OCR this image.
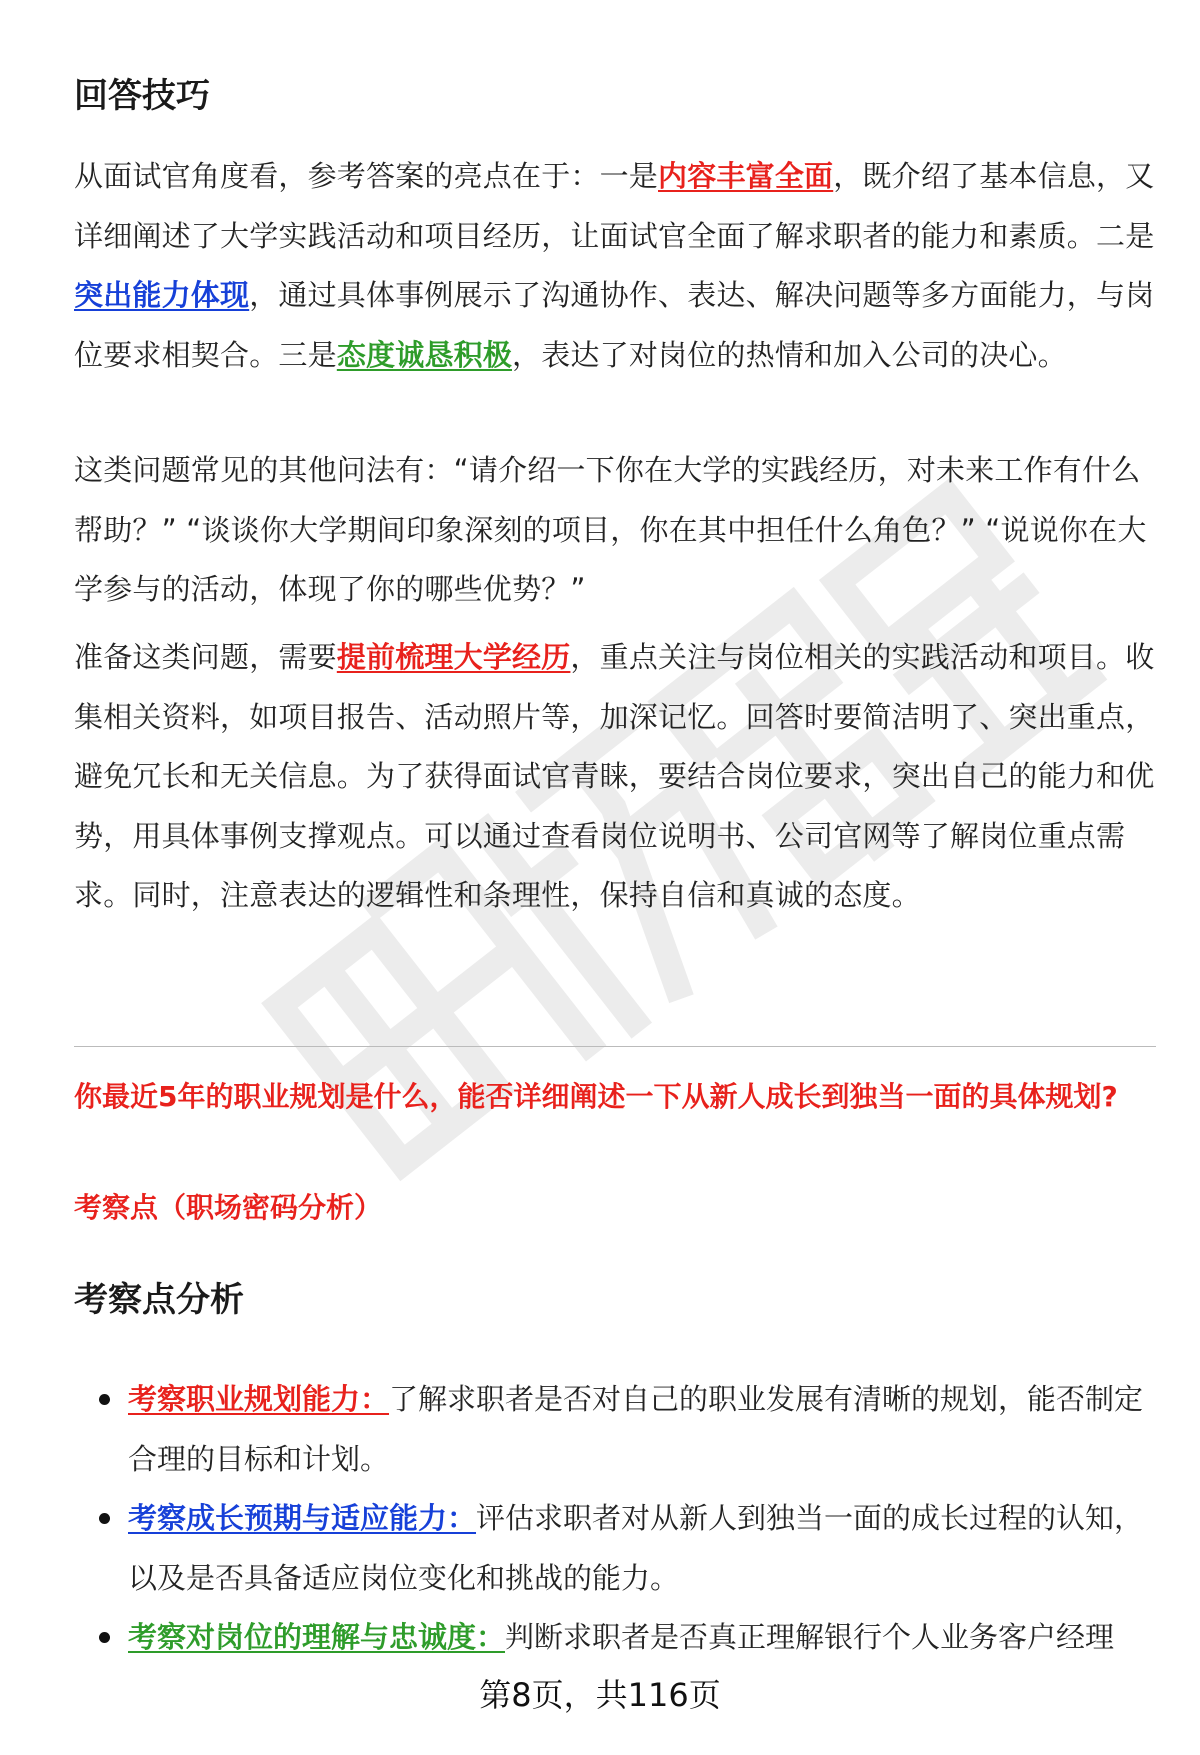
回答技巧

从面试官角度看，参考答案的亮点在于：一是内容丰富全面，既介绍了基本信息，又详细阐述了大学实践活动和项目经历，让面试官全面了解求职者的能力和素质。二是突出能力体现，通过具体事例展示了沟通协作、表达、解决问题等多方面能力，与岗位要求相契合。三是态度诚恳积极，表达了对岗位的热情和加入公司的决心。

这类问题常见的其他问法有：“请介绍一下你在大学的实践经历，对未来工作有什么帮助？” “谈谈你大学期间印象深刻的项目，你在其中担任什么角色？” “说说你在大学参与的活动，体现了你的哪些优势？”

准备这类问题，需要提前梳理大学经历，重点关注与岗位相关的实践活动和项目。收集相关资料，如项目报告、活动照片等，加深记忆。回答时要简洁明了、突出重点，避免冗长和无关信息。为了获得面试官青睐，要结合岗位要求，突出自己的能力和优势，用具体事例支撑观点。可以通过查看岗位说明书、公司官网等了解岗位重点需求。同时，注意表达的逻辑性和条理性，保持自信和真诚的态度。

你最近5年的职业规划是什么，能否详细阐述一下从新人成长到独当一面的具体规划?

考察点（职场密码分析）

考察点分析
考察职业规划能力：了解求职者是否对自己的职业发展有清晰的规划，能否制定合理的目标和计划。
考察成长预期与适应能力：评估求职者对从新人到独当一面的成长过程的认知，以及是否具备适应岗位变化和挑战的能力。
考察对岗位的理解与忠诚度：判断求职者是否真正理解银行个人业务客户经理
第8页，共116页
